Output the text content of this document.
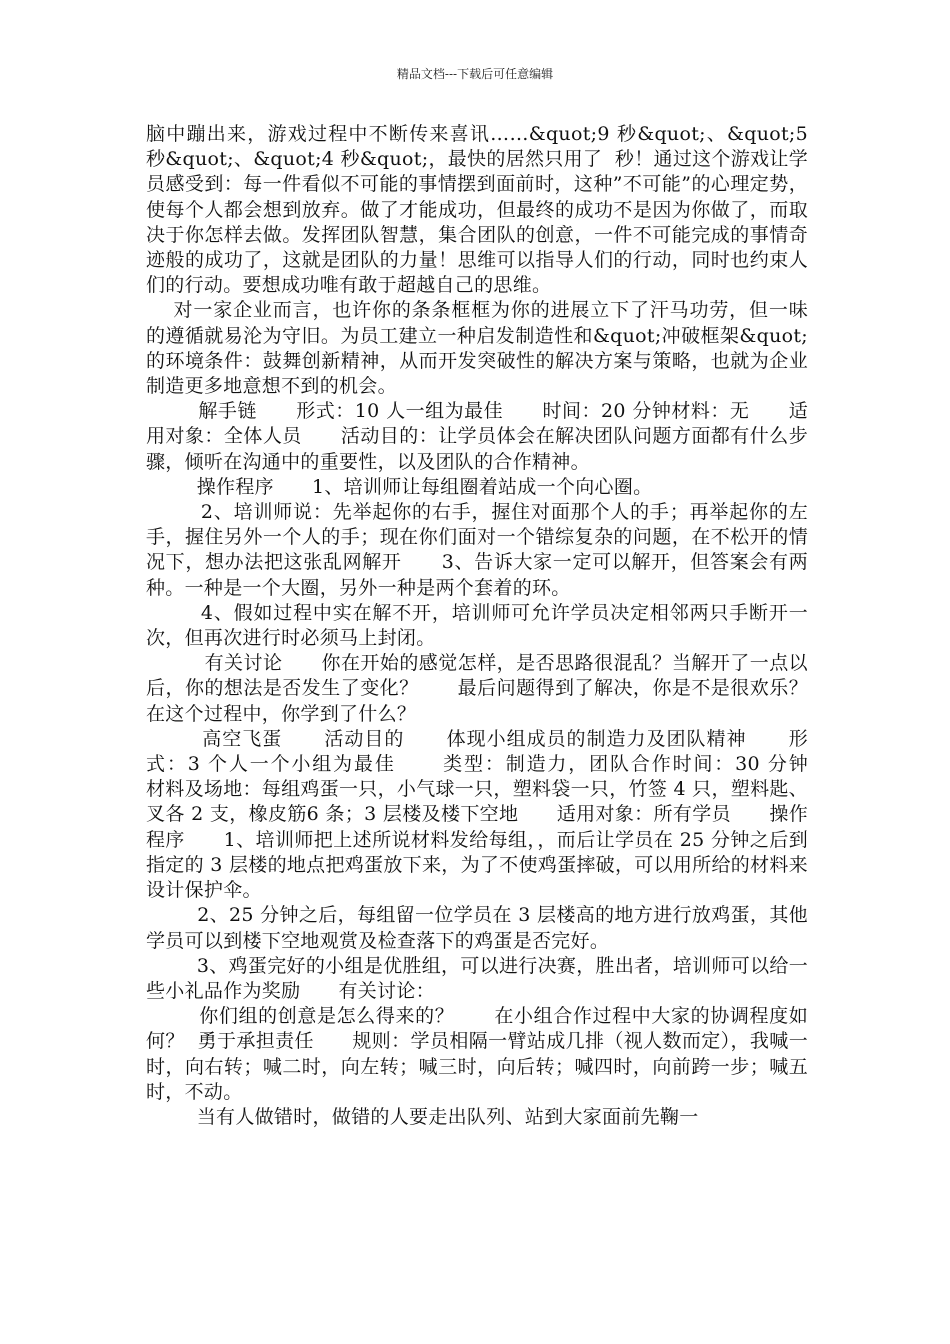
精品文档---下载后可任意编辑

脑中蹦出来，游戏过程中不断传来喜讯……&quot;9 秒&quot;、&quot;5 秒&quot;、&quot;4 秒&quot;，最快的居然只用了  秒！通过这个游戏让学员感受到：每一件看似不可能的事情摆到面前时，这种”不可能”的心理定势，使每个人都会想到放弃。做了才能成功，但最终的成功不是因为你做了，而取决于你怎样去做。发挥团队智慧，集合团队的创意，一件不可能完成的事情奇迹般的成功了，这就是团队的力量！思维可以指导人们的行动，同时也约束人们的行动。要想成功唯有敢于超越自己的思维。

对一家企业而言，也许你的条条框框为你的进展立下了汗马功劳，但一味的遵循就易沦为守旧。为员工建立一种启发制造性和&quot;冲破框架&quot;的环境条件：鼓舞创新精神，从而开发突破性的解决方案与策略，也就为企业制造更多地意想不到的机会。

解手链      形式：10 人一组为最佳      时间：20 分钟材料：无      适用对象：全体人员      活动目的：让学员体会在解决团队问题方面都有什么步骤，倾听在沟通中的重要性，以及团队的合作精神。

操作程序      1、培训师让每组圈着站成一个向心圈。

2、培训师说：先举起你的右手，握住对面那个人的手；再举起你的左手，握住另外一个人的手；现在你们面对一个错综复杂的问题，在不松开的情况下，想办法把这张乱网解开      3、告诉大家一定可以解开，但答案会有两种。一种是一个大圈，另外一种是两个套着的环。

4、假如过程中实在解不开，培训师可允许学员决定相邻两只手断开一次，但再次进行时必须马上封闭。

有关讨论      你在开始的感觉怎样，是否思路很混乱？当解开了一点以后，你的想法是否发生了变化？      最后问题得到了解决，你是不是很欢乐？      在这个过程中，你学到了什么？

高空飞蛋      活动目的      体现小组成员的制造力及团队精神      形式：3 个人一个小组为最佳      类型：制造力，团队合作时间：30 分钟      材料及场地：每组鸡蛋一只，小气球一只，塑料袋一只，竹签 4 只，塑料匙、叉各 2 支，橡皮筋6 条；3 层楼及楼下空地      适用对象：所有学员      操作程序      1、培训师把上述所说材料发给每组，，而后让学员在 25 分钟之后到指定的 3 层楼的地点把鸡蛋放下来，为了不使鸡蛋摔破，可以用所给的材料来设计保护伞。

2、25 分钟之后，每组留一位学员在 3 层楼高的地方进行放鸡蛋，其他学员可以到楼下空地观赏及检查落下的鸡蛋是否完好。

3、鸡蛋完好的小组是优胜组，可以进行决赛，胜出者，培训师可以给一些小礼品作为奖励      有关讨论：

你们组的创意是怎么得来的？      在小组合作过程中大家的协调程度如何？  勇于承担责任      规则：学员相隔一臂站成几排（视人数而定），我喊一时，向右转；喊二时，向左转；喊三时，向后转；喊四时，向前跨一步；喊五时，不动。

当有人做错时，做错的人要走出队列、站到大家面前先鞠一
